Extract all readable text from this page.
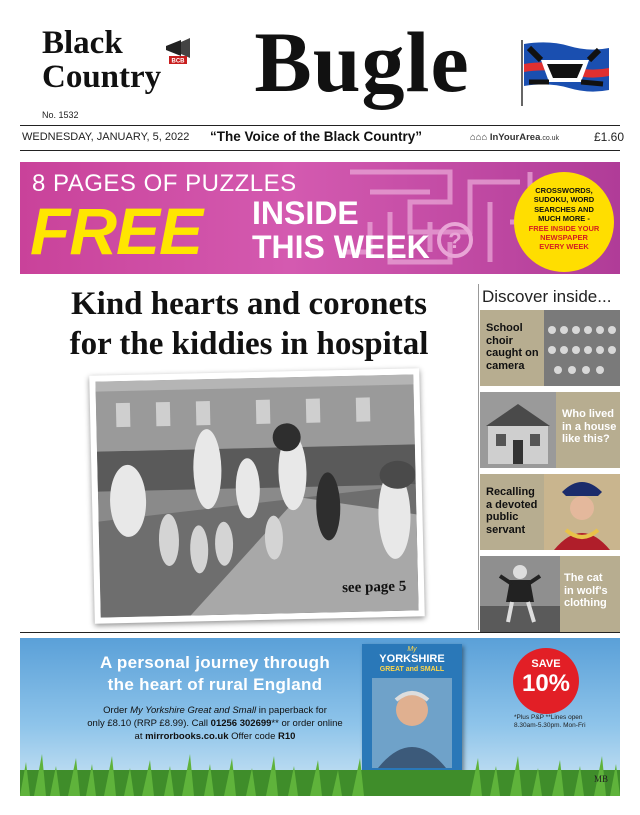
Black
Country	BCB Bugle
No. 1532
WEDNESDAY, JANUARY, 5, 2022 “The Voice of the Black Country”	⌂⌂⌂ InYourArea.co.uk	£1.60
?
8 PAGES OF PUZZLES
FREE INSIDE
THIS WEEK
CROSSWORDS,
SUDOKU, WORD
SEARCHES AND
MUCH MORE -
FREE INSIDE YOUR
NEWSPAPER
EVERY WEEK
Kind hearts and coronets
for the kiddies in hospital
see page 5
Discover inside...
School
choir
caught on
camera
Who lived
in a house
like this?
Recalling
a devoted
public
servant
The cat
in wolf's
clothing
A personal journey through
the heart of rural England
Order My Yorkshire Great and Small in paperback for
only £8.10 (RRP £8.99). Call 01256 302699** or order online
at mirrorbooks.co.uk Offer code R10
My
YORKSHIRE
GREAT and SMALL	SAVE
10%
*Plus P&P **Lines open
8.30am-5.30pm. Mon-Fri
MB
